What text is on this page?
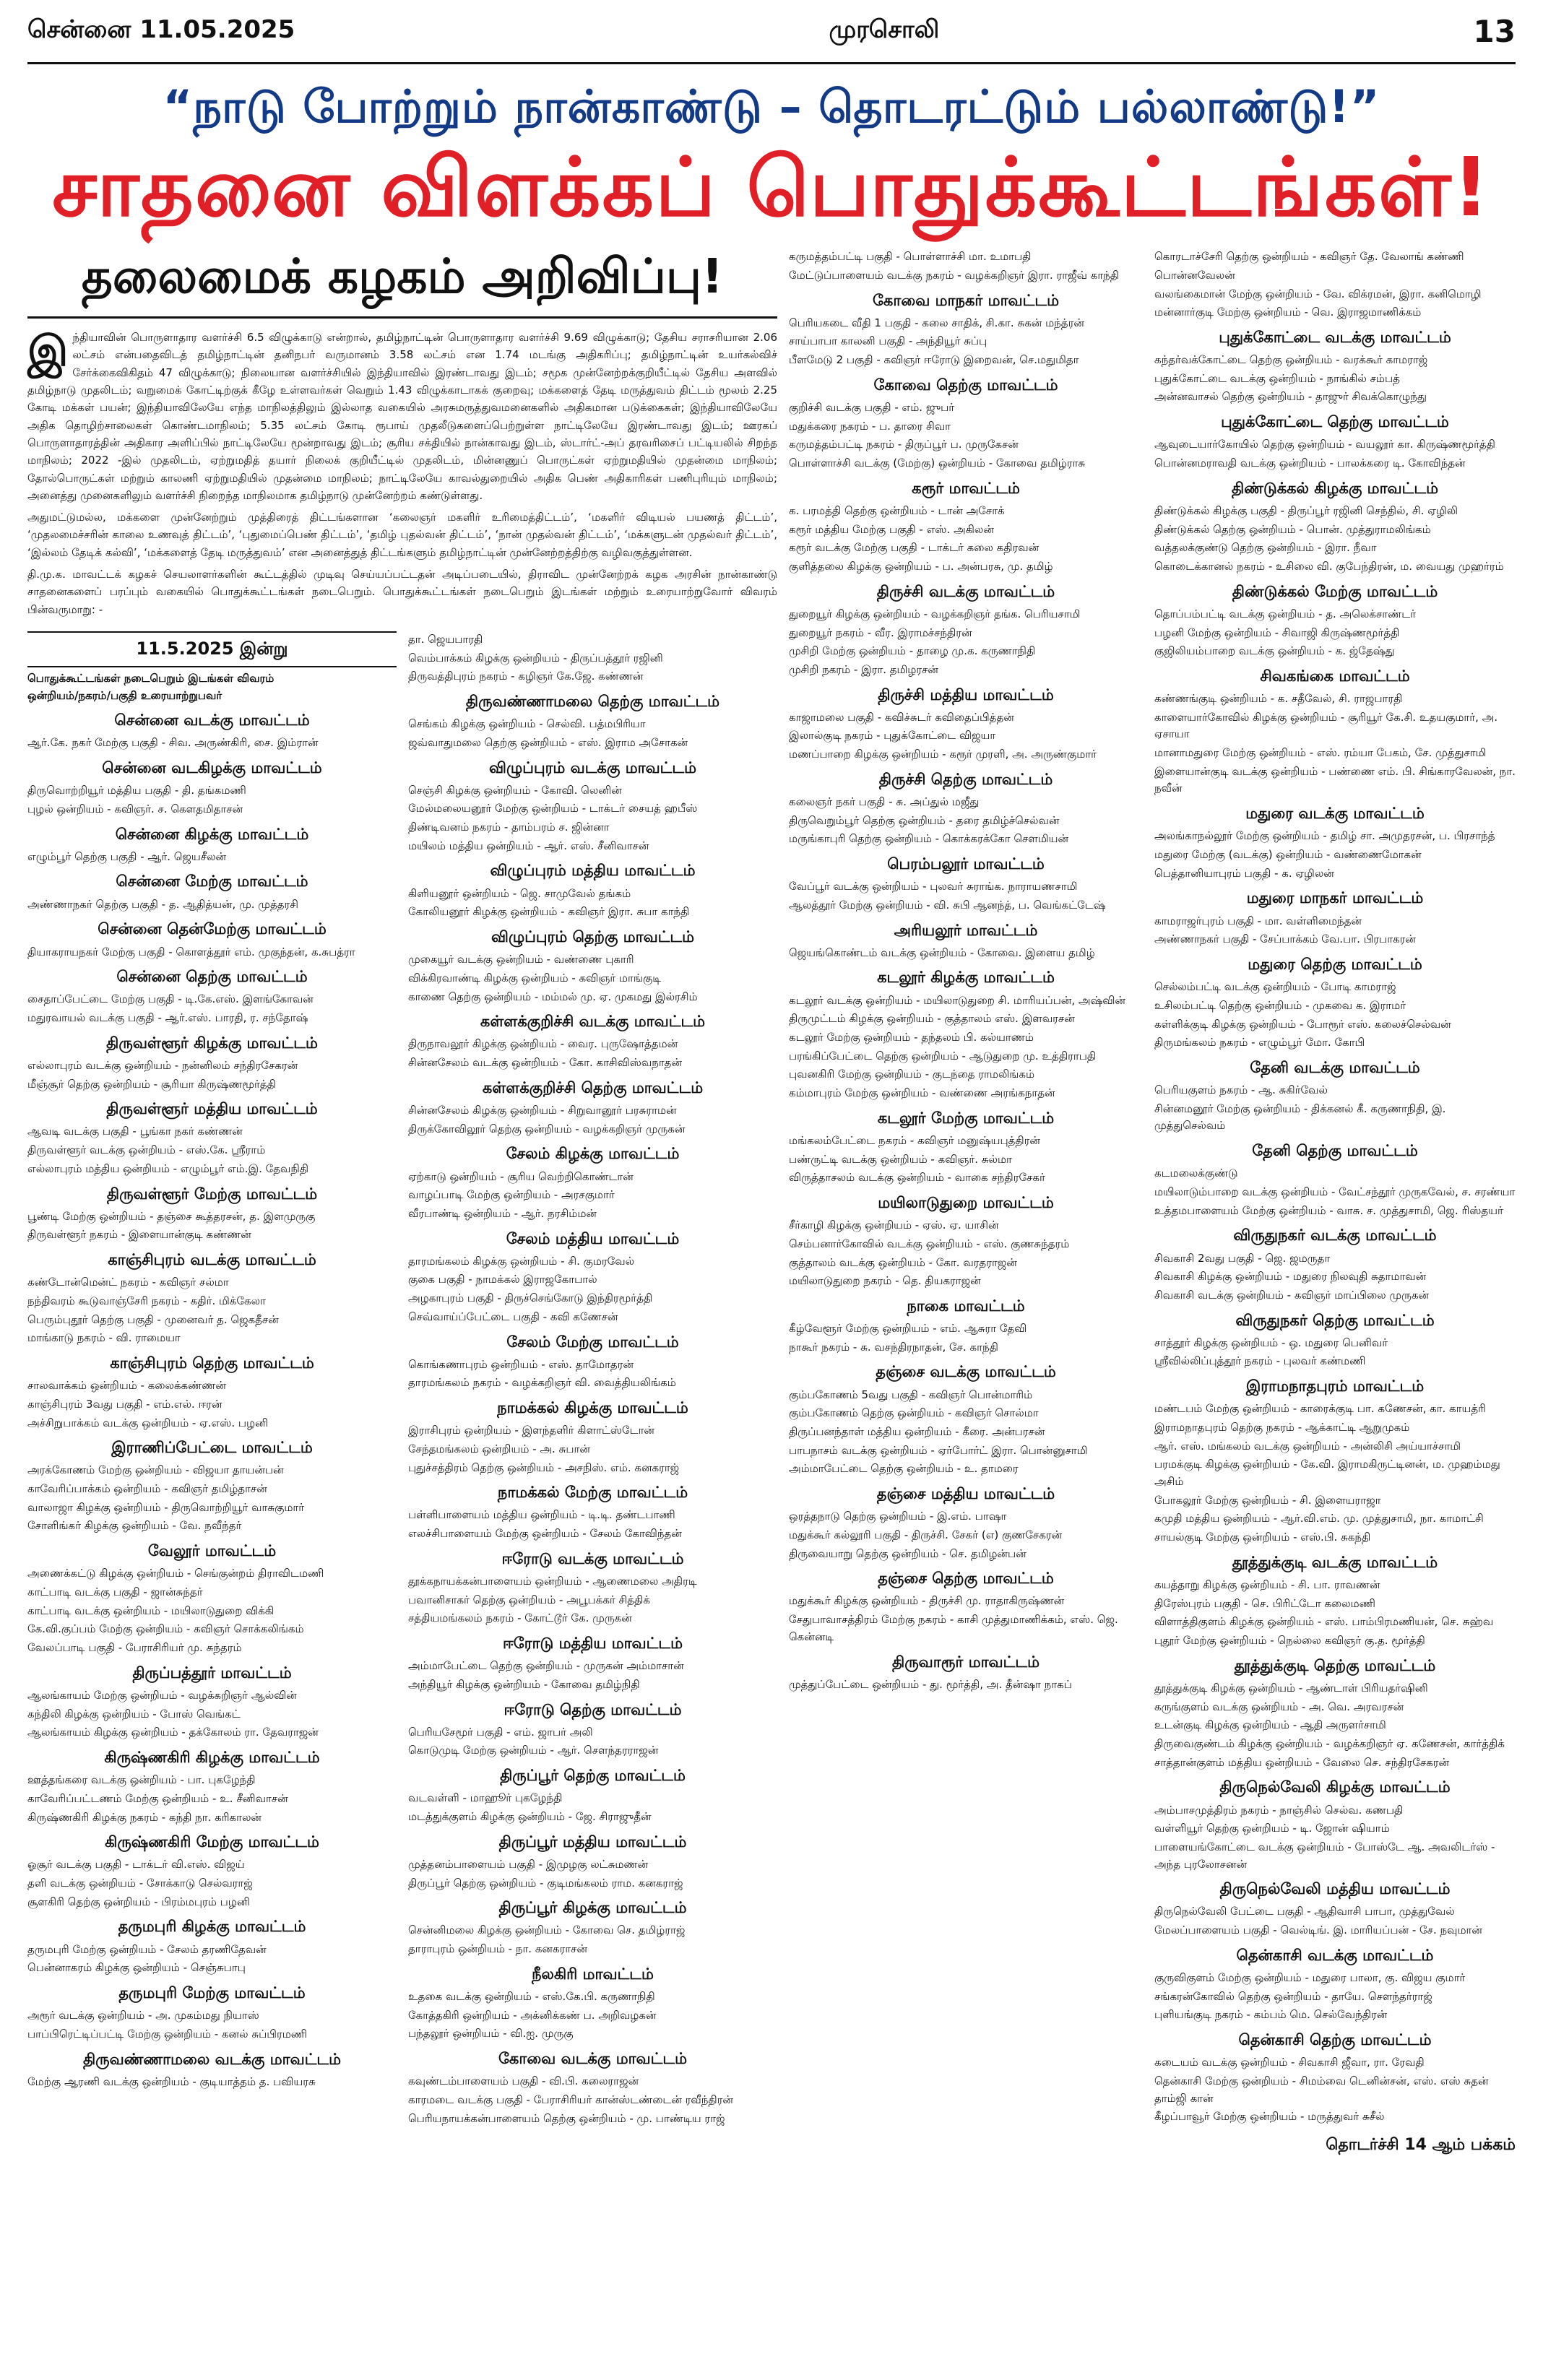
சென்னை 11.05.2025	முரசொலி	13
“நாடு போற்றும் நான்காண்டு – தொடரட்டும் பல்லாண்டு!”
சாதனை விளக்கப் பொதுக்கூட்டங்கள்!
தலைமைக் கழகம் அறிவிப்பு!

இந்தியாவின் பொருளாதார வளர்ச்சி 6.5 விழுக்காடு என்றால், தமிழ்நாட்டின் பொருளாதார வளர்ச்சி 9.69 விழுக்காடு; தேசிய சராசரியான 2.06 லட்சம் என்பதைவிடத் தமிழ்நாட்டின் தனிநபர் வருமானம் 3.58 லட்சம் என 1.74 மடங்கு அதிகரிப்பு; தமிழ்நாட்டின் உயர்கல்விச் சேர்க்கைவிகிதம் 47 விழுக்காடு; நிலையான வளர்ச்சியில் இந்தியாவில் இரண்டாவது இடம்; சமூக முன்னேற்றக்குறியீட்டில் தேசிய அளவில் தமிழ்நாடு முதலிடம்; வறுமைக் கோட்டிற்குக் கீழே உள்ளவர்கள் வெறும் 1.43 விழுக்காடாகக் குறைவு; மக்களைத் தேடி மருத்துவம் திட்டம் மூலம் 2.25 கோடி மக்கள் பயன்; இந்தியாவிலேயே எந்த மாநிலத்திலும் இல்லாத வகையில் அரசுமருத்துவமனைகளில் அதிகமான படுக்கைகள்; இந்தியாவிலேயே அதிக தொழிற்சாலைகள் கொண்டமாநிலம்; 5.35 லட்சம் கோடி ரூபாய் முதலீடுகளைப்பெற்றுள்ள நாட்டிலேயே இரண்டாவது இடம்; ஊரகப் பொருளாதாரத்தின் அதிகார அளிப்பில் நாட்டிலேயே மூன்றாவது இடம்; சூரிய சக்தியில் நான்காவது இடம், ஸ்டார்ட்-அப் தரவரிசைப் பட்டியலில் சிறந்த மாநிலம்; 2022 -இல் முதலிடம், ஏற்றுமதித் தயார் நிலைக் குறியீட்டில் முதலிடம், மின்னணுப் பொருட்கள் ஏற்றுமதியில் முதன்மை மாநிலம்; தோல்பொருட்கள் மற்றும் காலணி ஏற்றுமதியில் முதன்மை மாநிலம்; நாட்டிலேயே காவல்துறையில் அதிக பெண் அதிகாரிகள் பணிபுரியும் மாநிலம்; அனைத்து முனைகளிலும் வளர்ச்சி நிறைந்த மாநிலமாக தமிழ்நாடு முன்னேற்றம் கண்டுள்ளது.

அதுமட்டுமல்ல, மக்களை முன்னேற்றும் முத்திரைத் திட்டங்களான ‘கலைஞர் மகளிர் உரிமைத்திட்டம்’, ‘மகளிர் விடியல் பயணத் திட்டம்’, ‘முதலமைச்சரின் காலை உணவுத் திட்டம்’, ‘புதுமைப்பெண் திட்டம்’, ‘தமிழ் புதல்வன் திட்டம்’, ‘நான் முதல்வன் திட்டம்’, ‘மக்களுடன் முதல்வர் திட்டம்’, ‘இல்லம் தேடிக் கல்வி’, ‘மக்களைத் தேடி மருத்துவம்’ என அனைத்துத் திட்டங்களும் தமிழ்நாட்டின் முன்னேற்றத்திற்கு வழிவகுத்துள்ளன.

தி.மு.க. மாவட்டக் கழகச் செயலாளர்களின் கூட்டத்தில் முடிவு செய்யப்பட்டதன் அடிப்படையில், திராவிட முன்னேற்றக் கழக அரசின் நான்காண்டு சாதனைகளைப் பரப்பும் வகையில் பொதுக்கூட்டங்கள் நடைபெறும். பொதுக்கூட்டங்கள் நடைபெறும் இடங்கள் மற்றும் உரையாற்றுவோர் விவரம் பின்வருமாறு: -

11.5.2025 இன்று
பொதுக்கூட்டங்கள் நடைபெறும் இடங்கள் விவரம்
ஒன்றியம்/நகரம்/பகுதி உரையாற்றுபவர்
சென்னை வடக்கு மாவட்டம்
ஆர்.கே. நகர் மேற்கு பகுதி - சிவ. அருண்கிரி, சை. இம்ரான்
சென்னை வடகிழக்கு மாவட்டம்
திருவொற்றியூர் மத்திய பகுதி - தி. தங்கமணி
புழல் ஒன்றியம் - கவிஞர். ச. கௌதமிதாசன்
சென்னை கிழக்கு மாவட்டம்
எழும்பூர் தெற்கு பகுதி - ஆர். ஜெயசீலன்
சென்னை மேற்கு மாவட்டம்
அண்ணாநகர் தெற்கு பகுதி - த. ஆதித்யன், மு. முத்தரசி
சென்னை தென்மேற்கு மாவட்டம்
தியாகராயநகர் மேற்கு பகுதி - கொளத்தூர் எம். முகுந்தன், க.சுபத்ரா
சென்னை தெற்கு மாவட்டம்
சைதாப்பேட்டை மேற்கு பகுதி - டி.கே.எஸ். இளங்கோவன்
மதுரவாயல் வடக்கு பகுதி - ஆர்.எஸ். பாரதி, ர. சந்தோஷ்
திருவள்ளூர் கிழக்கு மாவட்டம்
எல்லாபுரம் வடக்கு ஒன்றியம் - நன்னிலம் சந்திரசேகரன்
மீஞ்சூர் தெற்கு ஒன்றியம் - சூரியா கிருஷ்ணமூர்த்தி
திருவள்ளூர் மத்திய மாவட்டம்
ஆவடி வடக்கு பகுதி - பூங்கா நகர் கண்ணன்
திருவள்ளூர் வடக்கு ஒன்றியம் - எஸ்.கே. ஸ்ரீராம்
எல்லாபுரம் மத்திய ஒன்றியம் - எழும்பூர் எம்.இ. தேவநிதி
திருவள்ளூர் மேற்கு மாவட்டம்
பூண்டி மேற்கு ஒன்றியம் - தஞ்சை கூத்தரசன், த. இளமுருகு
திருவள்ளூர் நகரம் - இளையான்குடி கண்ணன்
காஞ்சிபுரம் வடக்கு மாவட்டம்
கண்டோன்மென்ட் நகரம் - கவிஞர் சல்மா
நந்திவரம் கூடுவாஞ்சேரி நகரம் - கதிர். மிக்கேலா
பெரும்புதூர் தெற்கு பகுதி - முனைவர் த. ஜெகதீசன்
மாங்காடு நகரம் - வி. ராமையா
காஞ்சிபுரம் தெற்கு மாவட்டம்
சாலவாக்கம் ஒன்றியம் - கலைக்கண்ணன்
காஞ்சிபுரம் 3வது பகுதி - எம்.எல். ஈரன்
அச்சிறுபாக்கம் வடக்கு ஒன்றியம் - ஏ.எஸ். பழனி
இராணிப்பேட்டை மாவட்டம்
அரக்கோணம் மேற்கு ஒன்றியம் - விஜயா தாயன்பன்
காவேரிப்பாக்கம் ஒன்றியம் - கவிஞர் தமிழ்தாசன்
வாலாஜா கிழக்கு ஒன்றியம் - திருவொற்றியூர் வாசுகுமார்
சோளிங்கர் கிழக்கு ஒன்றியம் - வே. நவீந்தர்
வேலூர் மாவட்டம்
அணைக்கட்டு கிழக்கு ஒன்றியம் - செங்குன்றம் திராவிடமணி
காட்பாடி வடக்கு பகுதி - ஜான்சுந்தர்
காட்பாடி வடக்கு ஒன்றியம் - மயிலாடுதுறை விக்கி
கே.வி.குப்பம் மேற்கு ஒன்றியம் - கவிஞர் சொக்கலிங்கம்
வேலப்பாடி பகுதி - பேராசிரியர் மு. சுந்தரம்
திருப்பத்தூர் மாவட்டம்
ஆலங்காயம் மேற்கு ஒன்றியம் - வழக்கறிஞர் ஆல்வின்
கந்திலி கிழக்கு ஒன்றியம் - போஸ் வெங்கட்
ஆலங்காயம் கிழக்கு ஒன்றியம் - தக்கோலம் ரா. தேவராஜன்
கிருஷ்ணகிரி கிழக்கு மாவட்டம்
ஊத்தங்கரை வடக்கு ஒன்றியம் - பா. புகழேந்தி
காவேரிப்பட்டணம் மேற்கு ஒன்றியம் - உ. சீனிவாசன்
கிருஷ்ணகிரி கிழக்கு நகரம் - கந்தி நா. கரிகாலன்
கிருஷ்ணகிரி மேற்கு மாவட்டம்
ஓசூர் வடக்கு பகுதி - டாக்டர் வி.எஸ். விஜய்
தளி வடக்கு ஒன்றியம் - சோக்காடு செல்வராஜ்
சூளகிரி தெற்கு ஒன்றியம் - பிரம்மபுரம் பழனி
தருமபுரி கிழக்கு மாவட்டம்
தருமபுரி மேற்கு ஒன்றியம் - சேலம் தரணிதேவன்
பென்னாகரம் கிழக்கு ஒன்றியம் - செஞ்சுபாபு
தருமபுரி மேற்கு மாவட்டம்
அரூர் வடக்கு ஒன்றியம் - அ. முகம்மது நியாஸ்
பாப்பிரெட்டிப்பட்டி மேற்கு ஒன்றியம் - கனல் சுப்பிரமணி
திருவண்ணாமலை வடக்கு மாவட்டம்
மேற்கு ஆரணி வடக்கு ஒன்றியம் - குடியாத்தம் த. பவியரசு
தா. ஜெயபாரதி
வெம்பாக்கம் கிழக்கு ஒன்றியம் - திருப்பத்தூர் ரஜினி
திருவத்திபுரம் நகரம் - கழிஞர் கே.ஜே. கண்ணன்
திருவண்ணாமலை தெற்கு மாவட்டம்
செங்கம் கிழக்கு ஒன்றியம் - செல்வி. பத்மபிரியா
ஜவ்வாதுமலை தெற்கு ஒன்றியம் - எஸ். இராம அசோகன்
விழுப்புரம் வடக்கு மாவட்டம்
செஞ்சி கிழக்கு ஒன்றியம் - கோவி. லெனின்
மேல்மலையனூர் மேற்கு ஒன்றியம் - டாக்டர் சையத் ஹபீஸ்
திண்டிவனம் நகரம் - தாம்பரம் ச. ஜின்னா
மயிலம் மத்திய ஒன்றியம் - ஆர். எஸ். சீனிவாசன்
விழுப்புரம் மத்திய மாவட்டம்
கிளியனூர் ஒன்றியம் - ஜெ. சாமுவேல் தங்கம்
கோலியனூர் கிழக்கு ஒன்றியம் - கவிஞர் இரா. சுபா காந்தி
விழுப்புரம் தெற்கு மாவட்டம்
முகையூர் வடக்கு ஒன்றியம் - வண்ணை புகாரி
விக்கிரவாண்டி கிழக்கு ஒன்றியம் - கவிஞர் மாங்குடி
காணை தெற்கு ஒன்றியம் - மம்மல் மு. ஏ. முகமது இல்ரசிம்
கள்ளக்குறிச்சி வடக்கு மாவட்டம்
திருநாவலூர் கிழக்கு ஒன்றியம் - வைர. புருஷோத்தமன்
சின்னசேலம் வடக்கு ஒன்றியம் - கோ. காசிவிஸ்வநாதன்
கள்ளக்குறிச்சி தெற்கு மாவட்டம்
சின்னசேலம் கிழக்கு ஒன்றியம் - சிறுவானூர் பரசுராமன்
திருக்கோவிலூர் தெற்கு ஒன்றியம் - வழக்கறிஞர் முருகன்
சேலம் கிழக்கு மாவட்டம்
ஏற்காடு ஒன்றியம் - சூரிய வெற்றிகொண்டான்
வாழப்பாடி மேற்கு ஒன்றியம் - அரசகுமார்
வீரபாண்டி ஒன்றியம் - ஆர். நரசிம்மன்
சேலம் மத்திய மாவட்டம்
தாரமங்கலம் கிழக்கு ஒன்றியம் - சி. குமரவேல்
குகை பகுதி - நாமக்கல் இராஜகோபால்
அழகாபுரம் பகுதி - திருச்செங்கோடு இந்திரமூர்த்தி
செவ்வாய்ப்பேட்டை பகுதி - கவி கணேசன்
சேலம் மேற்கு மாவட்டம்
கொங்கணாபுரம் ஒன்றியம் - எஸ். தாமோதரன்
தாரமங்கலம் நகரம் - வழக்கறிஞர் வி. வைத்தியலிங்கம்
நாமக்கல் கிழக்கு மாவட்டம்
இராசிபுரம் ஒன்றியம் - இளந்தளிர் கிளாட்ஸ்டோன்
சேந்தமங்கலம் ஒன்றியம் - அ. சுபான்
புதுச்சத்திரம் தெற்கு ஒன்றியம் - அசநிஸ். எம். கனகராஜ்
நாமக்கல் மேற்கு மாவட்டம்
பள்ளிபாளையம் மத்திய ஒன்றியம் - டி.டி. தண்டபாணி
எலச்சிபாளையம் மேற்கு ஒன்றியம் - சேலம் கோவிந்தன்
ஈரோடு வடக்கு மாவட்டம்
தூக்கநாயக்கன்பாளையம் ஒன்றியம் - ஆணைமலை அதிரடி
பவானிசாகர் தெற்கு ஒன்றியம் - அபூபக்கர் சித்திக்
சத்தியமங்கலம் நகரம் - கோட்டூர் கே. முருகன்
ஈரோடு மத்திய மாவட்டம்
அம்மாபேட்டை தெற்கு ஒன்றியம் - முருகன் அம்மாசான்
அந்தியூர் கிழக்கு ஒன்றியம் - கோவை தமிழ்நிதி
ஈரோடு தெற்கு மாவட்டம்
பெரியசேமூர் பகுதி - எம். ஜாபர் அலி
கொடுமுடி மேற்கு ஒன்றியம் - ஆர். சௌந்தரராஜன்
திருப்பூர் தெற்கு மாவட்டம்
வடவள்ளி - மாஹூர் புகழேந்தி
மடத்துக்குளம் கிழக்கு ஒன்றியம் - ஜே. சிராஜுதீன்
திருப்பூர் மத்திய மாவட்டம்
முத்தனம்பாளையம் பகுதி - இமுழகு லட்சுமணன்
திருப்பூர் தெற்கு ஒன்றியம் - குடிமங்கலம் ராம. கனகராஜ்
திருப்பூர் கிழக்கு மாவட்டம்
சென்னிமலை கிழக்கு ஒன்றியம் - கோவை செ. தமிழ்ராஜ்
தாராபுரம் ஒன்றியம் - நா. கனகராசன்
நீலகிரி மாவட்டம்
உதகை வடக்கு ஒன்றியம் - எஸ்.கே.பி. கருணாநிதி
கோத்தகிரி ஒன்றியம் - அக்னிக்கண் ப. அறிவழகன்
பந்தலூர் ஒன்றியம் - வி.ஐ. முருகு
கோவை வடக்கு மாவட்டம்
கவுண்டம்பாளையம் பகுதி - வி.பி. கலைராஜன்
காரமடை வடக்கு பகுதி - பேராசிரியர் கான்ஸ்டண்டைன் ரவீந்திரன்
பெரியநாயக்கன்பாளையம் தெற்கு ஒன்றியம் - மு. பாண்டிய ராஜ்
கருமத்தம்பட்டி பகுதி - பொள்ளாச்சி மா. உமாபதி
மேட்டுப்பாளையம் வடக்கு நகரம் - வழக்கறிஞர் இரா. ராஜீவ் காந்தி
கோவை மாநகர் மாவட்டம்
பெரியகடை வீதி 1 பகுதி - கலை சாதிக், சி.கா. சுகன் மந்த்ரன்
சாய்பாபா காலனி பகுதி - அந்தியூர் சுப்பு
பீளமேடு 2 பகுதி - கவிஞர் ஈரோடு இறைவன், செ.மதுமிதா
கோவை தெற்கு மாவட்டம்
குறிச்சி வடக்கு பகுதி - எம். ஜுபர்
மதுக்கரை நகரம் - ப. தாரை சிவா
கருமத்தம்பட்டி நகரம் - திருப்பூர் ப. முருகேசன்
பொள்ளாச்சி வடக்கு (மேற்கு) ஒன்றியம் - கோவை தமிழ்ராசு
கரூர் மாவட்டம்
க. பரமத்தி தெற்கு ஒன்றியம் - டான் அசோக்
கரூர் மத்திய மேற்கு பகுதி - எஸ். அகிலன்
கரூர் வடக்கு மேற்கு பகுதி - டாக்டர் கலை கதிரவன்
குளித்தலை கிழக்கு ஒன்றியம் - ப. அன்பரசு, மு. தமிழ்
திருச்சி வடக்கு மாவட்டம்
துறையூர் கிழக்கு ஒன்றியம் - வழக்கறிஞர் தங்க. பெரியசாமி
துறையூர் நகரம் - வீர. இராமச்சந்திரன்
முசிறி மேற்கு ஒன்றியம் - தாழை மு.க. கருணாநிதி
முசிறி நகரம் - இரா. தமிழரசன்
திருச்சி மத்திய மாவட்டம்
காஜாமலை பகுதி - கவிச்சுடர் கவிதைப்பித்தன்
இலால்குடி நகரம் - புதுக்கோட்டை விஜயா
மணப்பாறை கிழக்கு ஒன்றியம் - கரூர் முரளி, அ. அருண்குமார்
திருச்சி தெற்கு மாவட்டம்
கலைஞர் நகர் பகுதி - சு. அப்துல் மஜீது
திருவெறும்பூர் தெற்கு ஒன்றியம் - தரை தமிழ்ச்செல்வன்
மருங்காபுரி தெற்கு ஒன்றியம் - கொக்கரக்கோ சௌமியன்
பெரம்பலூர் மாவட்டம்
வேப்பூர் வடக்கு ஒன்றியம் - புலவர் சுராங்க. நாராயணசாமி
ஆலத்தூர் மேற்கு ஒன்றியம் - வி. சுபி ஆனந்த், ப. வெங்கட்டேஷ்
அரியலூர் மாவட்டம்
ஜெயங்கொண்டம் வடக்கு ஒன்றியம் - கோவை. இளைய தமிழ்
கடலூர் கிழக்கு மாவட்டம்
கடலூர் வடக்கு ஒன்றியம் - மயிலாடுதுறை சி. மாரியப்பன், அஷ்வின்
திருமுட்டம் கிழக்கு ஒன்றியம் - குத்தாலம் எஸ். இளவரசன்
கடலூர் மேற்கு ஒன்றியம் - தந்தலம் பி. கல்யாணம்
பரங்கிப்பேட்டை தெற்கு ஒன்றியம் - ஆடுதுறை மு. உத்திராபதி
புவனகிரி மேற்கு ஒன்றியம் - குடந்தை ராமலிங்கம்
கம்மாபுரம் மேற்கு ஒன்றியம் - வண்ணை அரங்கநாதன்
கடலூர் மேற்கு மாவட்டம்
மங்கலம்பேட்டை நகரம் - கவிஞர் மனுஷ்யபுத்திரன்
பண்ருட்டி வடக்கு ஒன்றியம் - கவிஞர். சுல்மா
விருத்தாசலம் வடக்கு ஒன்றியம் - வாகை சந்திரசேகர்
மயிலாடுதுறை மாவட்டம்
சீர்காழி கிழக்கு ஒன்றியம் - ஏஸ். ஏ. யாசின்
செம்பனார்கோவில் வடக்கு ஒன்றியம் - எஸ். குணசுந்தரம்
குத்தாலம் வடக்கு ஒன்றியம் - கோ. வரதராஜன்
மயிலாடுதுறை நகரம் - தெ. தியகராஜன்
நாகை மாவட்டம்
கீழ்வேளூர் மேற்கு ஒன்றியம் - எம். ஆசுரா தேவி
நாகூர் நகரம் - சு. வசந்திரநாதன், சே. காந்தி
தஞ்சை வடக்கு மாவட்டம்
கும்பகோணம் 5வது பகுதி - கவிஞர் பொன்மாரிம்
கும்பகோணம் தெற்கு ஒன்றியம் - கவிஞர் சொல்மா
திருப்பனந்தாள் மத்திய ஒன்றியம் - கீரை. அன்பரசன்
பாபநாசம் வடக்கு ஒன்றியம் - ஏர்போர்ட் இரா. பொன்னுசாமி
அம்மாபேட்டை தெற்கு ஒன்றியம் - உ. தாமரை
தஞ்சை மத்திய மாவட்டம்
ஒரத்தநாடு தெற்கு ஒன்றியம் - இ.எம். பாஷா
மதுக்கூர் கல்லூரி பகுதி - திருச்சி. சேகர் (எ) குணசேகரன்
திருவையாறு தெற்கு ஒன்றியம் - செ. தமிழன்பன்
தஞ்சை தெற்கு மாவட்டம்
மதுக்கூர் கிழக்கு ஒன்றியம் - திருச்சி மு. ராதாகிருஷ்ணன்
சேதுபாவாசத்திரம் மேற்கு நகரம் - காசி முத்துமாணிக்கம், எஸ். ஜெ. கென்னடி
திருவாரூர் மாவட்டம்
முத்துப்பேட்டை ஒன்றியம் - து. மூர்த்தி, அ. தீன்ஷா நாகப்
கொரடாச்சேரி தெற்கு ஒன்றியம் - கவிஞர் தே. வேலாங் கண்ணி
பொன்னவேலன்
வலங்கைமான் மேற்கு ஒன்றியம் - வே. விக்ரமன், இரா. கனிமொழி
மன்னார்குடி மேற்கு ஒன்றியம் - வெ. இராஜமாணிக்கம்
புதுக்கோட்டை வடக்கு மாவட்டம்
கந்தர்வக்கோட்டை தெற்கு ஒன்றியம் - வரக்கூர் காமராஜ்
புதுக்கோட்டை வடக்கு ஒன்றியம் - நாங்கில் சம்பத்
அன்னவாசல் தெற்கு ஒன்றியம் - தாஜுர் சிவக்கொழுந்து
புதுக்கோட்டை தெற்கு மாவட்டம்
ஆவுடையார்கோயில் தெற்கு ஒன்றியம் - வயலூர் கா. கிருஷ்ணமூர்த்தி
பொன்னமராவதி வடக்கு ஒன்றியம் - பாலக்கரை டி. கோவிந்தன்
திண்டுக்கல் கிழக்கு மாவட்டம்
திண்டுக்கல் கிழக்கு பகுதி - திருப்பூர் ரஜினி செந்தில், சி. ஏழிலி
திண்டுக்கல் தெற்கு ஒன்றியம் - பொன். முத்துராமலிங்கம்
வத்தலக்குண்டு தெற்கு ஒன்றியம் - இரா. நீவா
கொடைக்கானல் நகரம் - உசிலை வி. குபேந்திரன், ம. வையது முஹர்ரம்
திண்டுக்கல் மேற்கு மாவட்டம்
தொப்பம்பட்டி வடக்கு ஒன்றியம் - த. அலெக்சாண்டர்
பழனி மேற்கு ஒன்றியம் - சிவாஜி கிருஷ்ணமூர்த்தி
குஜிலியம்பாறை வடக்கு ஒன்றியம் - க. ஜ்தேஷ்து
சிவகங்கை மாவட்டம்
கண்ணங்குடி ஒன்றியம் - க. சதீவேல், சி. ராஜபாரதி
காளையார்கோவில் கிழக்கு ஒன்றியம் - சூரியூர் கே.சி. உதயகுமார், அ. ஏசாயா
மானாமதுரை மேற்கு ஒன்றியம் - எஸ். ரம்யா பேகம், சே. முத்துசாமி
இளையான்குடி வடக்கு ஒன்றியம் - பண்ணை எம். பி. சிங்காரவேலன், நா. நவீன்
மதுரை வடக்கு மாவட்டம்
அலங்காநல்லூர் மேற்கு ஒன்றியம் - தமிழ் சா. அமுதரசன், ப. பிரசாந்த்
மதுரை மேற்கு (வடக்கு) ஒன்றியம் - வண்ணைமோகன்
பெத்தானியாபுரம் பகுதி - க. ஏழிலன்
மதுரை மாநகர் மாவட்டம்
காமராஜர்புரம் பகுதி - மா. வள்ளிமைந்தன்
அண்ணாநகர் பகுதி - சேப்பாக்கம் வே.பா. பிரபாகரன்
மதுரை தெற்கு மாவட்டம்
செல்லம்பட்டி வடக்கு ஒன்றியம் - போடி காமராஜ்
உசிலம்பட்டி தெற்கு ஒன்றியம் - முகவை க. இராமர்
கள்ளிக்குடி கிழக்கு ஒன்றியம் - போரூர் எஸ். கலைச்செல்வன்
திருமங்கலம் நகரம் - எழும்பூர் மோ. கோபி
தேனி வடக்கு மாவட்டம்
பெரியகுளம் நகரம் - ஆ. சுகிர்வேல்
சின்னமனூர் மேற்கு ஒன்றியம் - திக்கனல் கீ. கருணாநிதி, இ. முத்துசெல்வம்
தேனி தெற்கு மாவட்டம்
கடமலைக்குண்டு
மயிலாடும்பாறை வடக்கு ஒன்றியம் - வேட்சந்தூர் முருகவேல், ச. சரண்யா
உத்தமபாளையம் மேற்கு ஒன்றியம் - வாசு. ச. முத்துசாமி, ஜெ. ரிஸ்தயர்
விருதுநகர் வடக்கு மாவட்டம்
சிவகாசி 2வது பகுதி - ஜெ. ஜமருதா
சிவகாசி கிழக்கு ஒன்றியம் - மதுரை நிலவுதி சுதாமாவன்
சிவகாசி வடக்கு ஒன்றியம் - கவிஞர் மாப்பிலை முருகன்
விருதுநகர் தெற்கு மாவட்டம்
சாத்தூர் கிழக்கு ஒன்றியம் - ஒ. மதுரை பெனிவர்
ஸ்ரீவில்லிப்புத்தூர் நகரம் - புலவர் கண்மணி
இராமநாதபுரம் மாவட்டம்
மண்டபம் மேற்கு ஒன்றியம் - காரைக்குடி பா. கணேசன், கா. காயத்ரி
இராமநாதபுரம் தெற்கு நகரம் - ஆக்காட்டி ஆறுமுகம்
ஆர். எஸ். மங்கலம் வடக்கு ஒன்றியம் - அன்லிசி அய்யாச்சாமி
பரமக்குடி கிழக்கு ஒன்றியம் - கே.வி. இராமகிருட்டினன், ம. முஹம்மது அசிம்
போகலூர் மேற்கு ஒன்றியம் - சி. இளையராஜா
கமுதி மத்திய ஒன்றியம் - ஆர்.வி.எம். மு. முத்துசாமி, நா. காமாட்சி
சாயல்குடி மேற்கு ஒன்றியம் - எஸ்.பி. சுகந்தி
தூத்துக்குடி வடக்கு மாவட்டம்
கயத்தாறு கிழக்கு ஒன்றியம் - சி. பா. ராவணன்
திரேஸ்புரம் பகுதி - செ. பிரிட்டோ கலைமணி
விளாத்திகுளம் கிழக்கு ஒன்றியம் - எஸ். பாம்பிரமணியன், செ. சுஹ்வ
புதூர் மேற்கு ஒன்றியம் - நெல்லை கவிஞர் கு.த. மூர்த்தி
தூத்துக்குடி தெற்கு மாவட்டம்
தூத்துக்குடி கிழக்கு ஒன்றியம் - ஆண்டாள் பிரியதர்ஷினி
கருங்குளம் வடக்கு ஒன்றியம் - அ. வெ. அரவரசன்
உடன்குடி கிழக்கு ஒன்றியம் - ஆதி அருளர்சாமி
திருவைகுண்டம் கிழக்கு ஒன்றியம் - வழக்கறிஞர் ஏ. கணேசன், கார்த்திக்
சாத்தான்குளம் மத்திய ஒன்றியம் - வேலை செ. சந்திரசேகரன்
திருநெல்வேலி கிழக்கு மாவட்டம்
அம்பாசமுத்திரம் நகரம் - நாஞ்சில் செல்வ. கணபதி
வள்ளியூர் தெற்கு ஒன்றியம் - டி. ஜோன் ஷியாம்
பாளையங்கோட்டை வடக்கு ஒன்றியம் - போஸ்டே ஆ. அவலிடர்ஸ் - அந்த புரலோசனன்
திருநெல்வேலி மத்திய மாவட்டம்
திருநெல்வேலி பேட்டை பகுதி - ஆதிவாசி பாபா, முத்துவேல்
மேலப்பாளையம் பகுதி - வெல்டிங். இ. மாரியப்பன் - சே. நவுமான்
தென்காசி வடக்கு மாவட்டம்
குருவிகுளம் மேற்கு ஒன்றியம் - மதுரை பாலா, கு. விஜய குமார்
சங்கரன்கோவில் தெற்கு ஒன்றியம் - தாயே. சௌந்தர்ராஜ்
புளியங்குடி நகரம் - கம்பம் மெ. செல்வேந்திரன்
தென்காசி தெற்கு மாவட்டம்
கடையம் வடக்கு ஒன்றியம் - சிவகாசி ஜீவா, ரா. ரேவதி
தென்காசி மேற்கு ஒன்றியம் - சிமம்வை டெனின்சன், எஸ். எஸ் சுதன் தாம்ஜி கான்
கீழப்பாவூர் மேற்கு ஒன்றியம் - மருத்துவர் சுசீல்
தொடர்ச்சி 14 ஆம் பக்கம்
